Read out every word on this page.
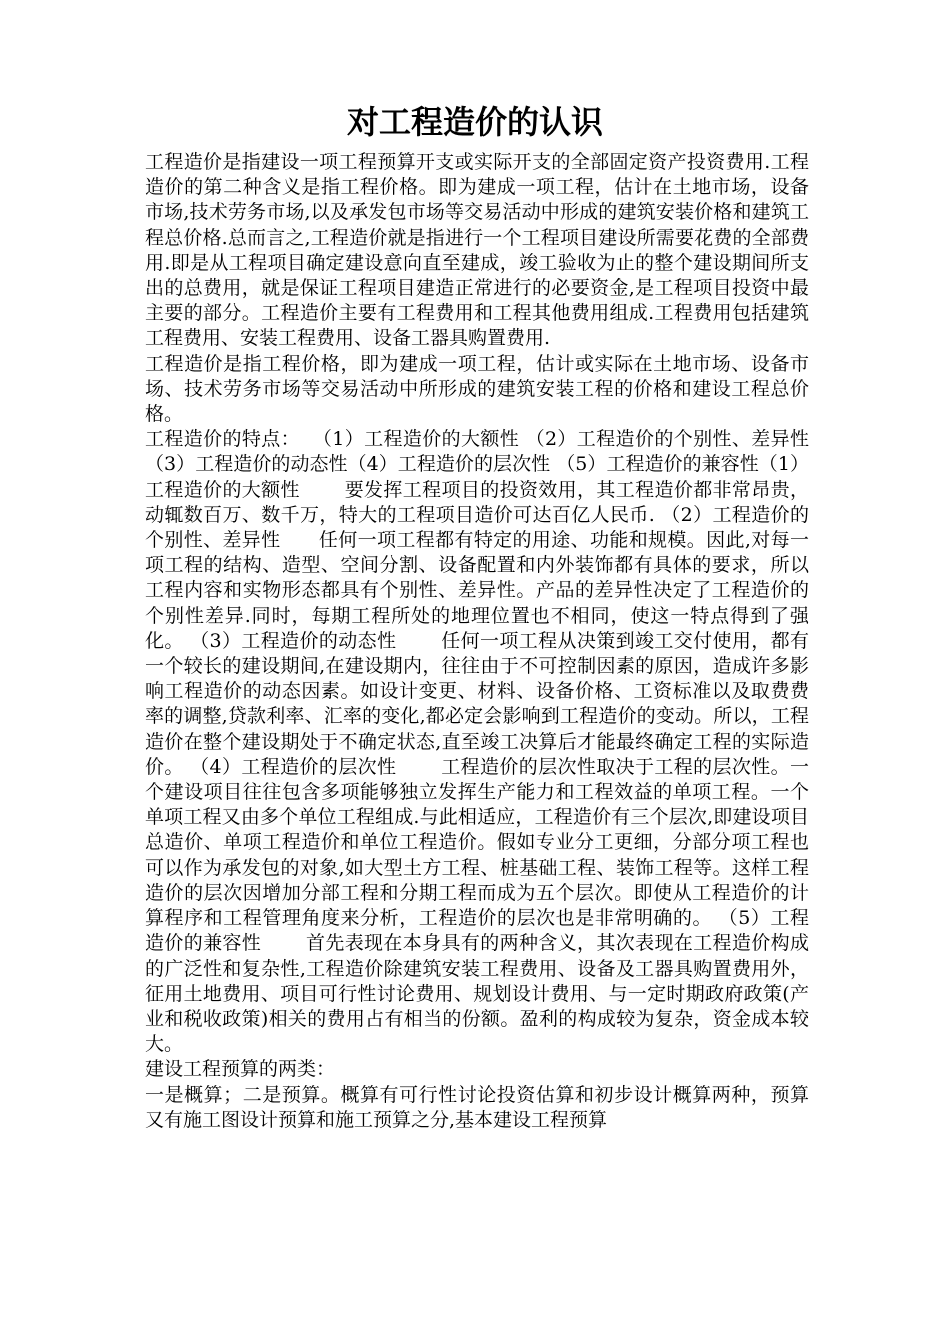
对工程造价的认识

工程造价是指建设一项工程预算开支或实际开支的全部固定资产投资费用.工程造价的第二种含义是指工程价格。即为建成一项工程，估计在土地市场，设备市场,技术劳务市场,以及承发包市场等交易活动中形成的建筑安装价格和建筑工程总价格.总而言之,工程造价就是指进行一个工程项目建设所需要花费的全部费用.即是从工程项目确定建设意向直至建成，竣工验收为止的整个建设期间所支出的总费用，就是保证工程项目建造正常进行的必要资金,是工程项目投资中最主要的部分。工程造价主要有工程费用和工程其他费用组成.工程费用包括建筑工程费用、安装工程费用、设备工器具购置费用.

工程造价是指工程价格，即为建成一项工程，估计或实际在土地市场、设备市场、技术劳务市场等交易活动中所形成的建筑安装工程的价格和建设工程总价格。

工程造价的特点：  （1）工程造价的大额性 （2）工程造价的个别性、差异性 （3）工程造价的动态性（4）工程造价的层次性 （5）工程造价的兼容性（1）工程造价的大额性       要发挥工程项目的投资效用，其工程造价都非常昂贵，动辄数百万、数千万，特大的工程项目造价可达百亿人民币. （2）工程造价的个别性、差异性      任何一项工程都有特定的用途、功能和规模。因此,对每一项工程的结构、造型、空间分割、设备配置和内外装饰都有具体的要求，所以工程内容和实物形态都具有个别性、差异性。产品的差异性决定了工程造价的个别性差异.同时，每期工程所处的地理位置也不相同，使这一特点得到了强化。 （3）工程造价的动态性       任何一项工程从决策到竣工交付使用，都有一个较长的建设期间,在建设期内，往往由于不可控制因素的原因，造成许多影响工程造价的动态因素。如设计变更、材料、设备价格、工资标准以及取费费率的调整,贷款利率、汇率的变化,都必定会影响到工程造价的变动。所以，工程造价在整个建设期处于不确定状态,直至竣工决算后才能最终确定工程的实际造价。 （4）工程造价的层次性       工程造价的层次性取决于工程的层次性。一个建设项目往往包含多项能够独立发挥生产能力和工程效益的单项工程。一个单项工程又由多个单位工程组成.与此相适应，工程造价有三个层次,即建设项目总造价、单项工程造价和单位工程造价。假如专业分工更细，分部分项工程也可以作为承发包的对象,如大型土方工程、桩基础工程、装饰工程等。这样工程造价的层次因增加分部工程和分期工程而成为五个层次。即使从工程造价的计算程序和工程管理角度来分析，工程造价的层次也是非常明确的。 （5）工程造价的兼容性       首先表现在本身具有的两种含义，其次表现在工程造价构成的广泛性和复杂性,工程造价除建筑安装工程费用、设备及工器具购置费用外，征用土地费用、项目可行性讨论费用、规划设计费用、与一定时期政府政策(产业和税收政策)相关的费用占有相当的份额。盈利的构成较为复杂，资金成本较大。

建设工程预算的两类：

一是概算；二是预算。概算有可行性讨论投资估算和初步设计概算两种，预算又有施工图设计预算和施工预算之分,基本建设工程预算
